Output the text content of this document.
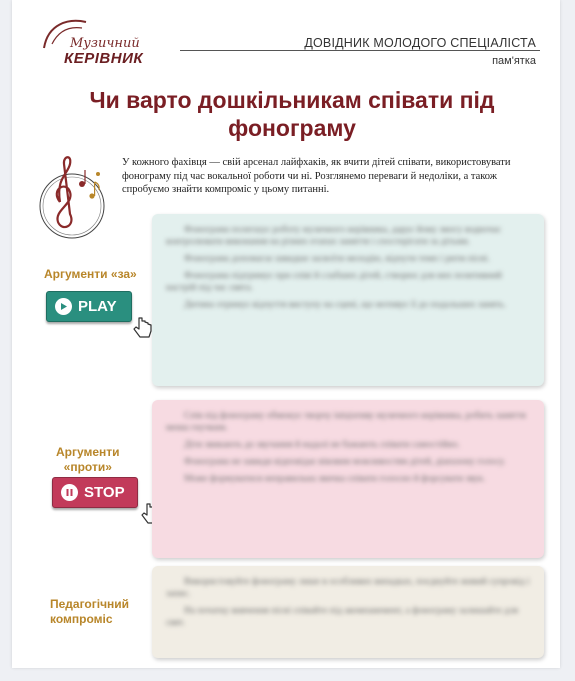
Музичний
КЕРІВНИК
ДОВІДНИК МОЛОДОГО СПЕЦІАЛІСТА
пам'ятка
Чи варто дошкільникам співати під фонограму
У кожного фахівця — свій арсенал лайфхаків, як вчити дітей співати, використовувати фонограму під час вокальної роботи чи ні. Розглянемо переваги й недоліки, а також спробуємо знайти компроміс у цьому питанні.
Аргументи «за»
PLAY

Фонограма полегшує роботу музичного керівника, дарує йому змогу водночас контролювати виконання на різних етапах заняття і спостерігати за дітьми.

Фонограма допомагає швидше засвоїти мелодію, відчути темп і ритм пісні.

Фонограма підтримує при співі й слабших дітей, створює для них позитивний настрій під час свята.

Дитина отримує відчуття виступу на сцені, що мотивує її до подальших занять.

Аргументи
«проти»
STOP

Спів під фонограму обмежує творчу ініціативу музичного керівника, робить заняття менш гнучким.

Діти звикають до звучання й надалі не бажають співати самостійно.

Фонограма не завжди відповідає віковим можливостям дітей, діапазону голосу.

Може формуватися неправильна звичка співати голосно й форсувати звук.

Педагогічний
компроміс

Використовуйте фонограму лише в особливих випадках, поєднуйте живий супровід і запис.

На початку вивчення пісні співайте під акомпанемент, а фонограму залишайте для свят.
